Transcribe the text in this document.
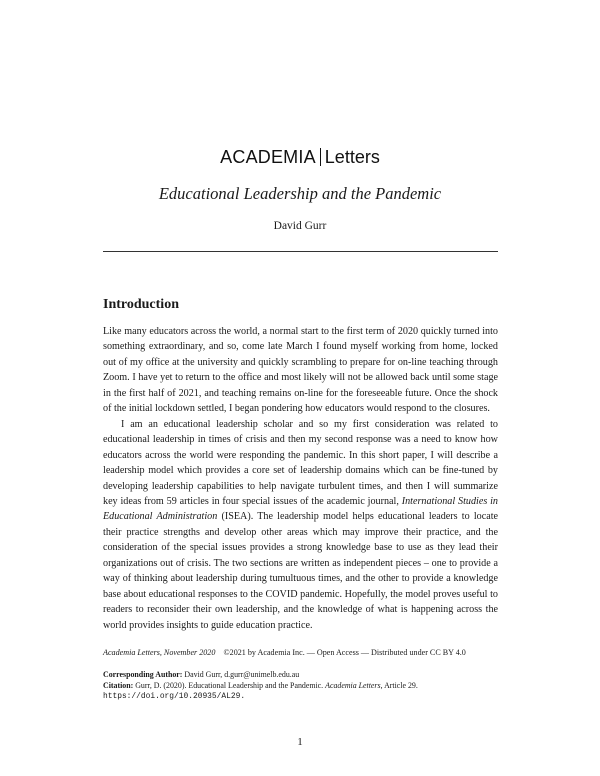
ACADEMIA Letters
Educational Leadership and the Pandemic
David Gurr
Introduction

Like many educators across the world, a normal start to the first term of 2020 quickly turned into something extraordinary, and so, come late March I found myself working from home, locked out of my office at the university and quickly scrambling to prepare for on-line teaching through Zoom. I have yet to return to the office and most likely will not be allowed back until some stage in the first half of 2021, and teaching remains on-line for the foreseeable future. Once the shock of the initial lockdown settled, I began pondering how educators would respond to the closures.

I am an educational leadership scholar and so my first consideration was related to educational leadership in times of crisis and then my second response was a need to know how educators across the world were responding the pandemic. In this short paper, I will describe a leadership model which provides a core set of leadership domains which can be fine-tuned by developing leadership capabilities to help navigate turbulent times, and then I will summarize key ideas from 59 articles in four special issues of the academic journal, International Studies in Educational Administration (ISEA). The leadership model helps educational leaders to locate their practice strengths and develop other areas which may improve their practice, and the consideration of the special issues provides a strong knowledge base to use as they lead their organizations out of crisis. The two sections are written as independent pieces – one to provide a way of thinking about leadership during tumultuous times, and the other to provide a knowledge base about educational responses to the COVID pandemic. Hopefully, the model proves useful to readers to reconsider their own leadership, and the knowledge of what is happening across the world provides insights to guide education practice.

Academia Letters, November 2020 ©2021 by Academia Inc. — Open Access — Distributed under CC BY 4.0
Corresponding Author: David Gurr, d.gurr@unimelb.edu.au
Citation: Gurr, D. (2020). Educational Leadership and the Pandemic. Academia Letters, Article 29.
https://doi.org/10.20935/AL29.
1
